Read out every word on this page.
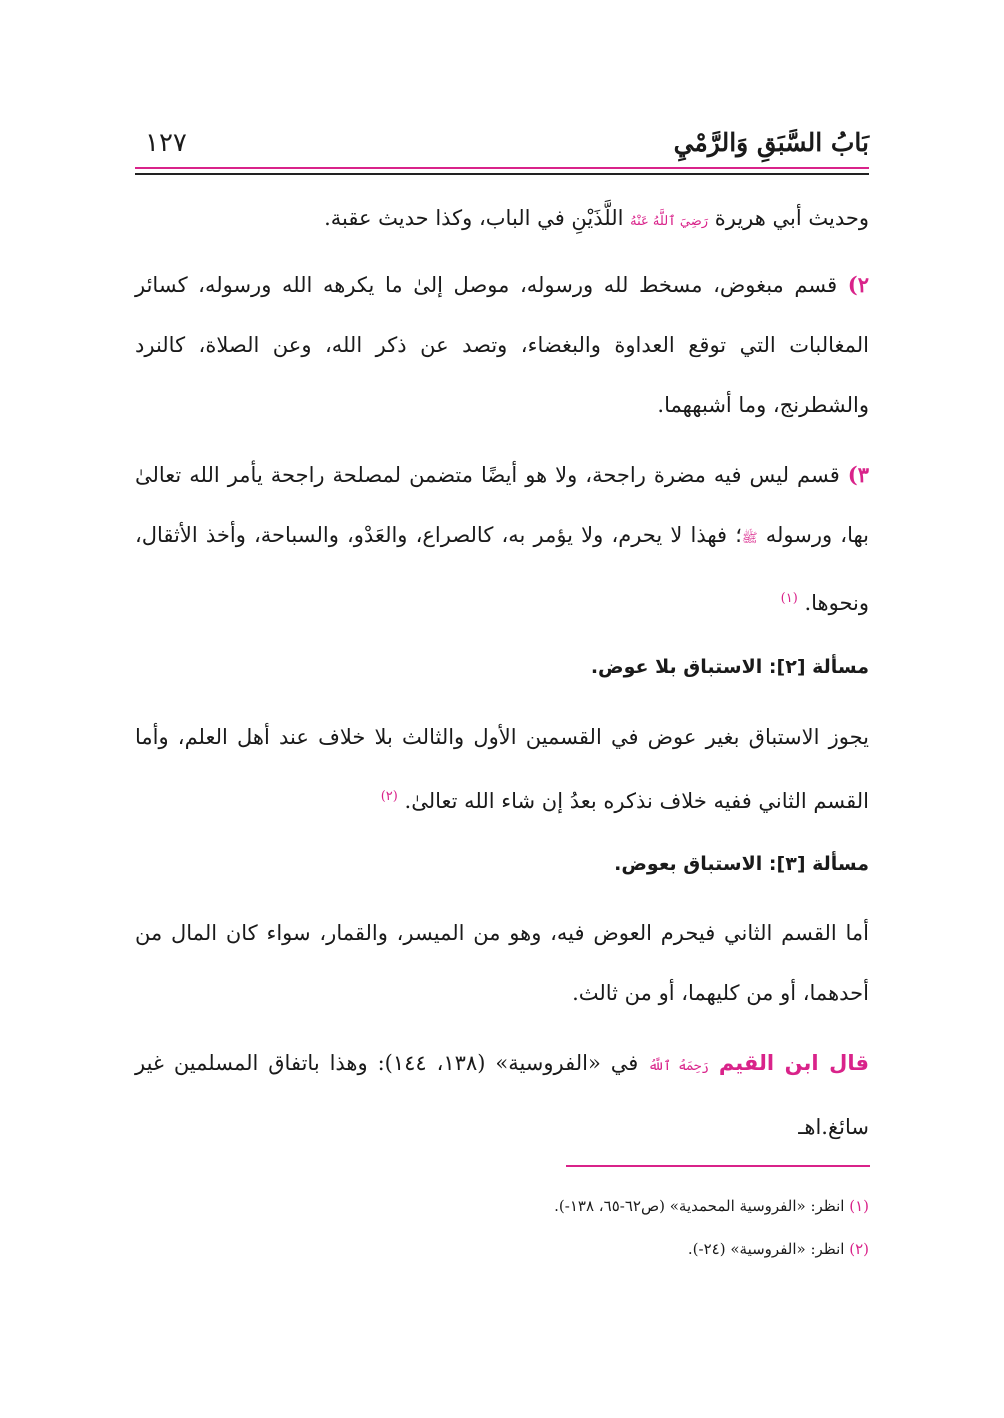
بَابُ السَّبَقِ وَالرَّمْيِ
١٢٧

وحديث أبي هريرة رَضِيَ ٱللَّهُ عَنْهُ اللَّذَيْنِ في الباب، وكذا حديث عقبة.

٢) قسم مبغوض، مسخط لله ورسوله، موصل إلىٰ ما يكرهه الله ورسوله، كسائر المغالبات التي توقع العداوة والبغضاء، وتصد عن ذكر الله، وعن الصلاة، كالنرد والشطرنج، وما أشبههما.

٣) قسم ليس فيه مضرة راجحة، ولا هو أيضًا متضمن لمصلحة راجحة يأمر الله تعالىٰ بها، ورسوله ﷺ؛ فهذا لا يحرم، ولا يؤمر به، كالصراع، والعَدْو، والسباحة، وأخذ الأثقال، ونحوها. $^{(١)}$

مسألة [٢]: الاستباق بلا عوض.

يجوز الاستباق بغير عوض في القسمين الأول والثالث بلا خلاف عند أهل العلم، وأما القسم الثاني ففيه خلاف نذكره بعدُ إن شاء الله تعالىٰ. $^{(٢)}$

مسألة [٣]: الاستباق بعوض.

أما القسم الثاني فيحرم العوض فيه، وهو من الميسر، والقمار، سواء كان المال من أحدهما، أو من كليهما، أو من ثالث.

قال ابن القيم رَحِمَهُ ٱللَّهُ في «الفروسية» (١٣٨، ١٤٤): وهذا باتفاق المسلمين غير سائغ.اهـ

(١) انظر: «الفروسية المحمدية» (ص٦٢-٦٥، ١٣٨-).
(٢) انظر: «الفروسية» (٢٤-).
